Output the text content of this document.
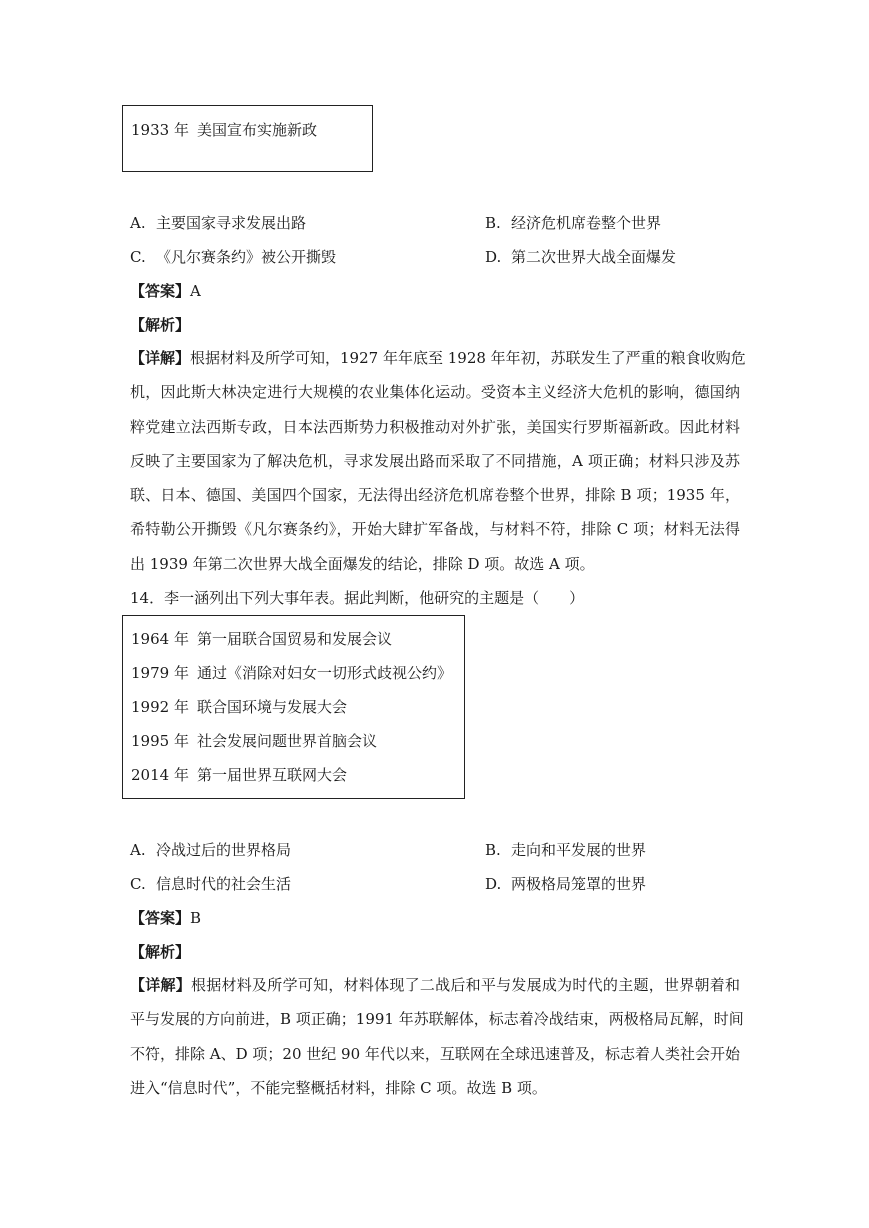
1933 年 美国宣布实施新政
A. 主要国家寻求发展出路	B. 经济危机席卷整个世界
C. 《凡尔赛条约》被公开撕毁	D. 第二次世界大战全面爆发
【答案】A
【解析】
【详解】根据材料及所学可知，1927 年年底至 1928 年年初，苏联发生了严重的粮食收购危
机，因此斯大林决定进行大规模的农业集体化运动。受资本主义经济大危机的影响，德国纳
粹党建立法西斯专政，日本法西斯势力积极推动对外扩张，美国实行罗斯福新政。因此材料
反映了主要国家为了解决危机，寻求发展出路而采取了不同措施，A 项正确；材料只涉及苏
联、日本、德国、美国四个国家，无法得出经济危机席卷整个世界，排除 B 项；1935 年，
希特勒公开撕毁《凡尔赛条约》，开始大肆扩军备战，与材料不符，排除 C 项；材料无法得
出 1939 年第二次世界大战全面爆发的结论，排除 D 项。故选 A 项。
14．李一涵列出下列大事年表。据此判断，他研究的主题是（　　）
1964 年 第一届联合国贸易和发展会议
1979 年 通过《消除对妇女一切形式歧视公约》
1992 年 联合国环境与发展大会
1995 年 社会发展问题世界首脑会议
2014 年 第一届世界互联网大会
A. 冷战过后的世界格局	B. 走向和平发展的世界
C. 信息时代的社会生活	D. 两极格局笼罩的世界
【答案】B
【解析】
【详解】根据材料及所学可知，材料体现了二战后和平与发展成为时代的主题，世界朝着和
平与发展的方向前进，B 项正确；1991 年苏联解体，标志着冷战结束，两极格局瓦解，时间
不符，排除 A、D 项；20 世纪 90 年代以来，互联网在全球迅速普及，标志着人类社会开始
进入“信息时代”，不能完整概括材料，排除 C 项。故选 B 项。
